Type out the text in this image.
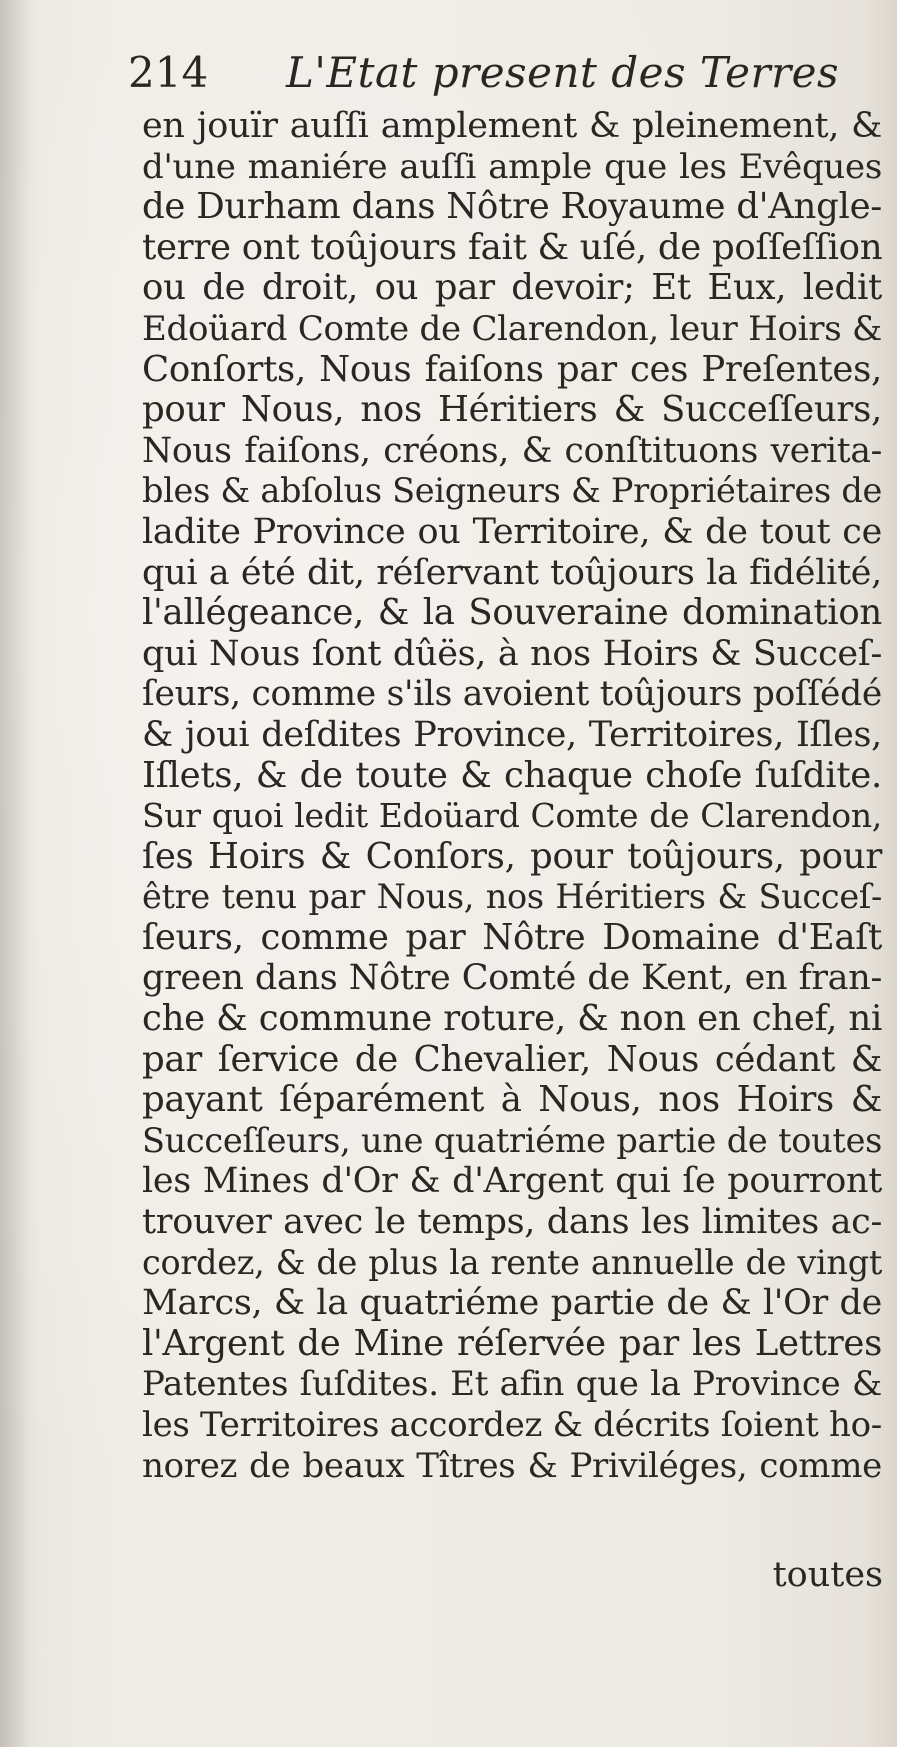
214 L'Etat present des Terres
en jouïr auſſi amplement & pleinement, &
d'une maniére auſſi ample que les Evêques
de Durham dans Nôtre Royaume d'Angle-
terre ont toûjours fait & uſé, de poſſeſſion
ou de droit, ou par devoir; Et Eux, ledit
Edoüard Comte de Clarendon, leur Hoirs &
Conſorts, Nous faiſons par ces Preſentes,
pour Nous, nos Héritiers & Succeſſeurs,
Nous faiſons, créons, & conſtituons verita-
bles & abſolus Seigneurs & Propriétaires de
ladite Province ou Territoire, & de tout ce
qui a été dit, réſervant toûjours la fidélité,
l'allégeance, & la Souveraine domination
qui Nous ſont dûës, à nos Hoirs & Succeſ-
ſeurs, comme s'ils avoient toûjours poſſédé
& joui deſdites Province, Territoires, Iſles,
Iſlets, & de toute & chaque choſe ſuſdite.
Sur quoi ledit Edoüard Comte de Clarendon,
ſes Hoirs & Conſors, pour toûjours, pour
être tenu par Nous, nos Héritiers & Succeſ-
ſeurs, comme par Nôtre Domaine d'Eaſt
green dans Nôtre Comté de Kent, en fran-
che & commune roture, & non en chef, ni
par ſervice de Chevalier, Nous cédant &
payant ſéparément à Nous, nos Hoirs &
Succeſſeurs, une quatriéme partie de toutes
les Mines d'Or & d'Argent qui ſe pourront
trouver avec le temps, dans les limites ac-
cordez, & de plus la rente annuelle de vingt
Marcs, & la quatriéme partie de & l'Or de
l'Argent de Mine réſervée par les Lettres
Patentes ſuſdites. Et afin que la Province &
les Territoires accordez & décrits ſoient ho-
norez de beaux Tîtres & Priviléges, comme
toutes
